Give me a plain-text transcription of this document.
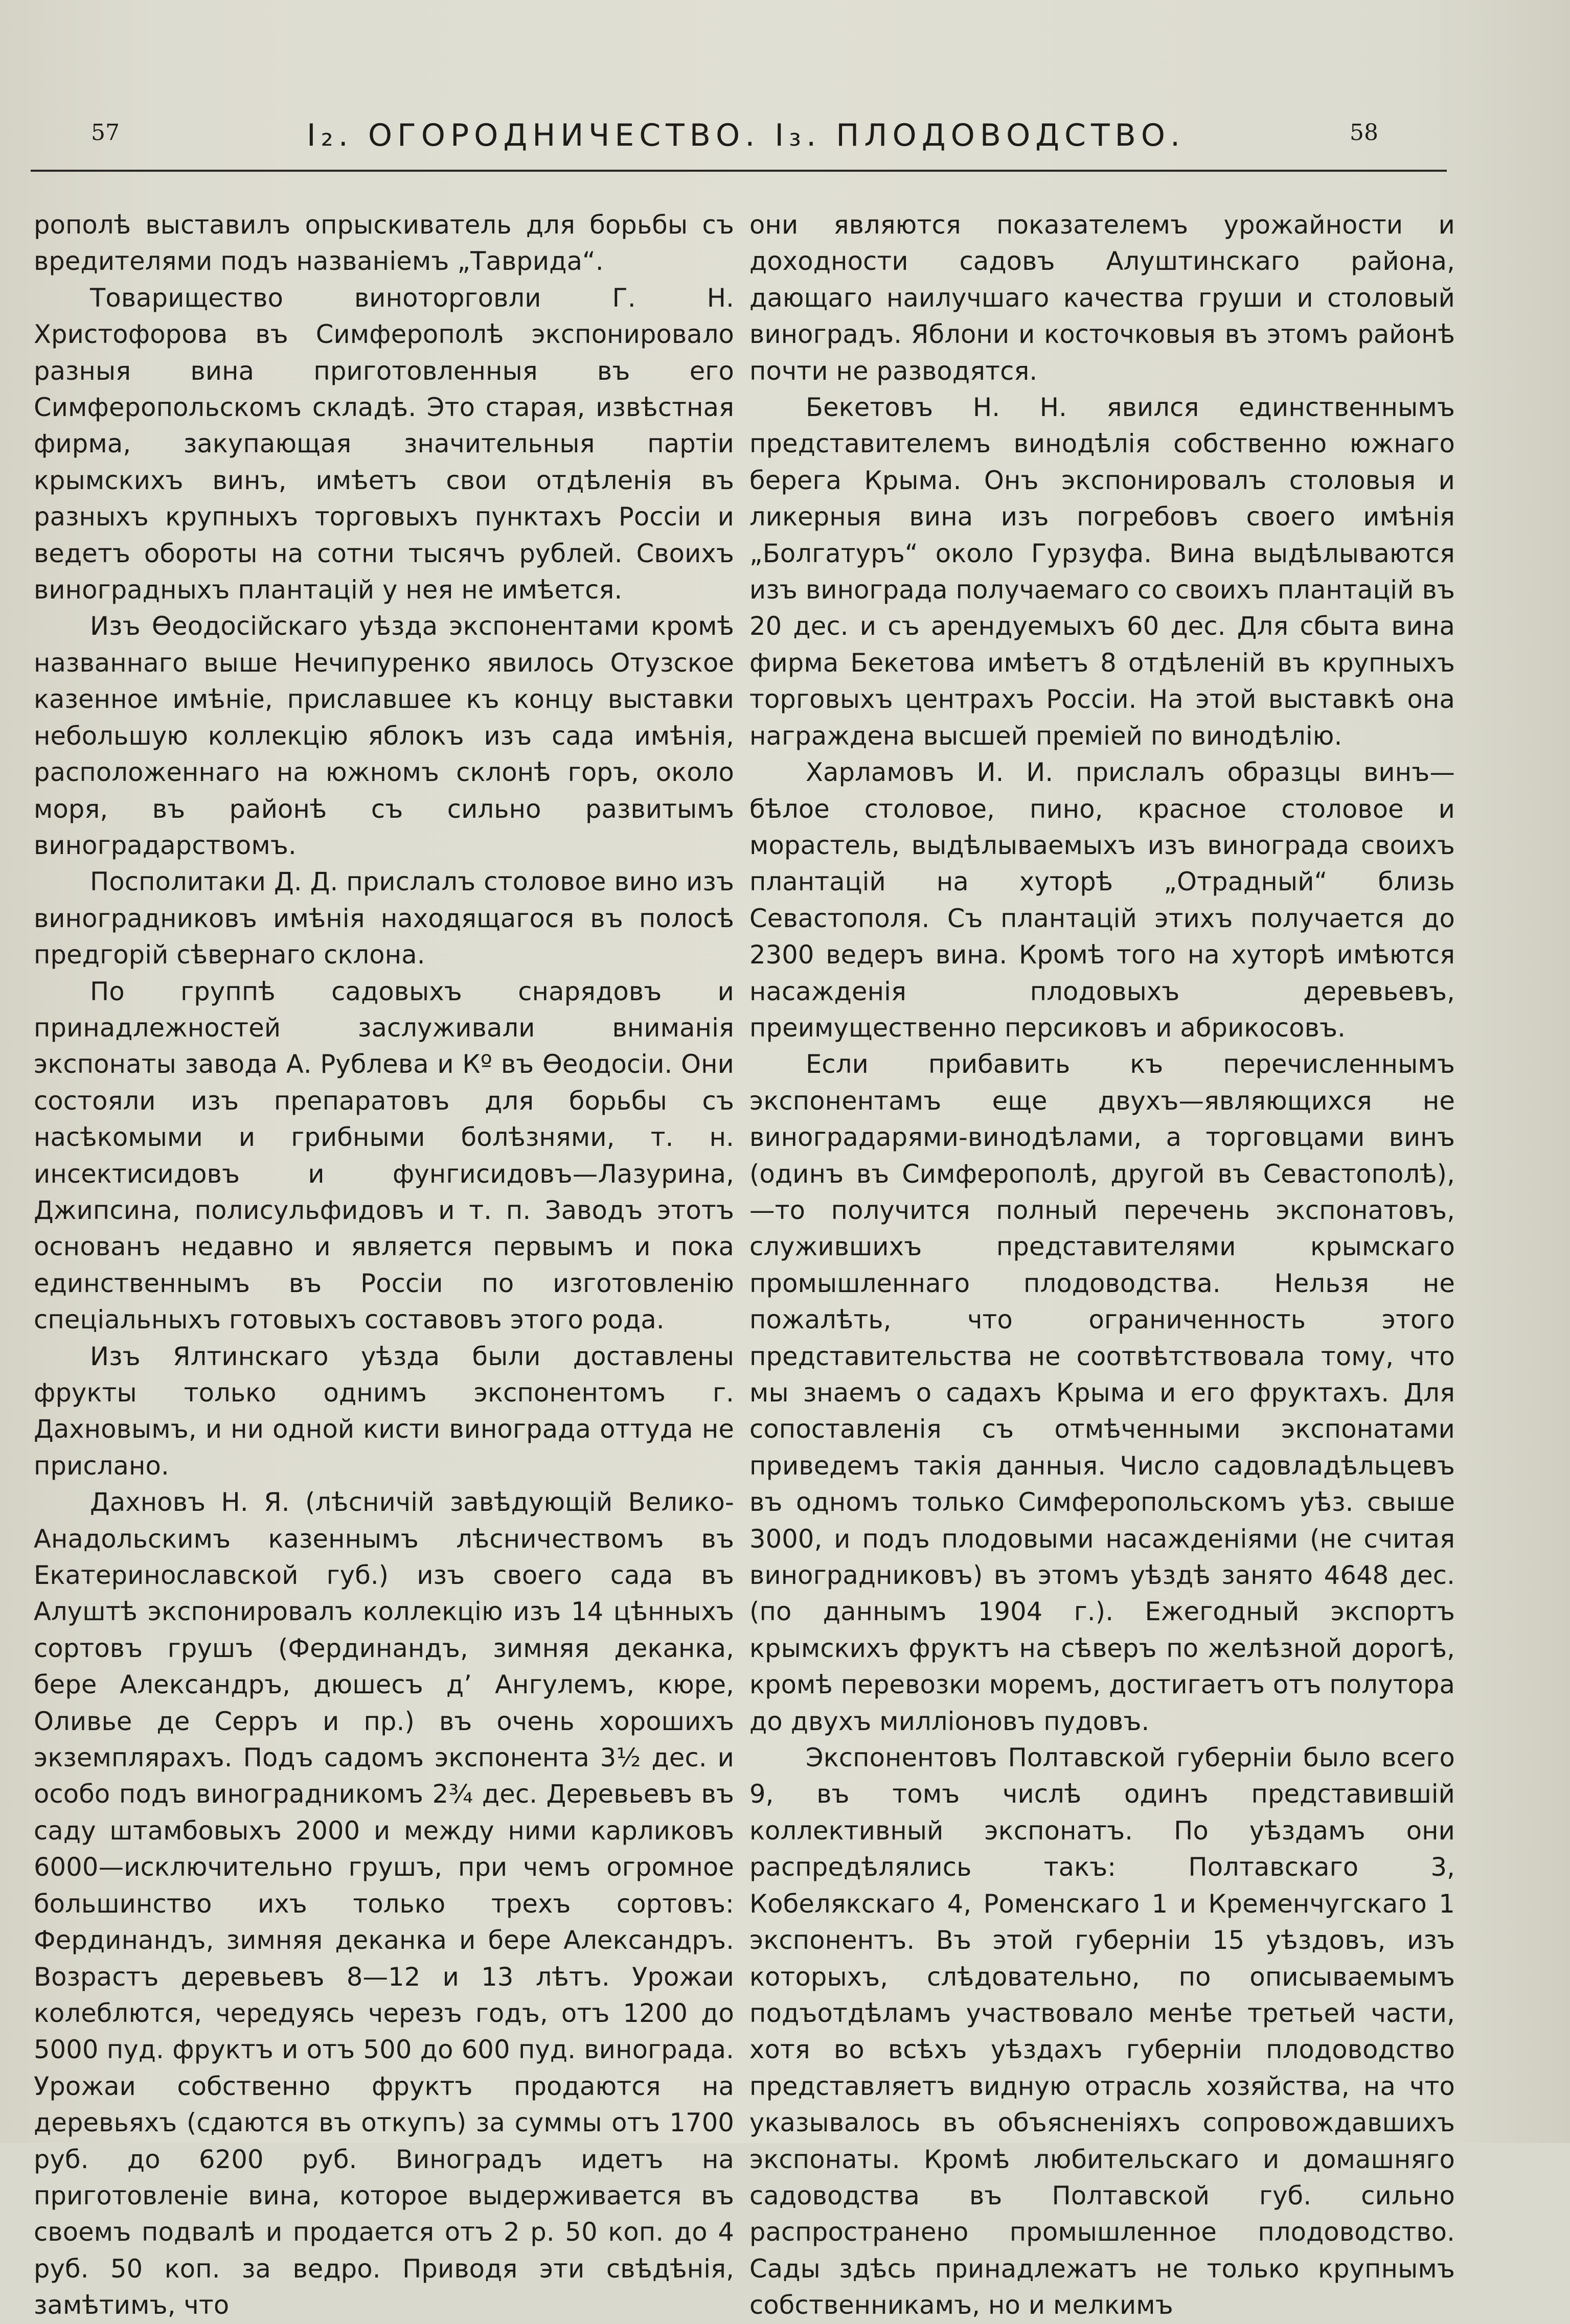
57	I₂. ОГОРОДНИЧЕСТВО. I₃. ПЛОДОВОДСТВО.	58

рополѣ выставилъ опрыскиватель для борьбы съ вредителями подъ названіемъ „Таврида“.

Товарищество виноторговли Г. Н. Христофорова въ Симферополѣ экспонировало разныя вина приготовленныя въ его Симферопольскомъ складѣ. Это старая, извѣстная фирма, закупающая значительныя партіи крымскихъ винъ, имѣетъ свои отдѣленія въ разныхъ крупныхъ торговыхъ пунктахъ Россіи и ведетъ обороты на сотни тысячъ рублей. Своихъ виноградныхъ плантацій у нея не имѣется.

Изъ Ѳеодосійскаго уѣзда экспонентами кромѣ названнаго выше Нечипуренко явилось Отузское казенное имѣніе, приславшее къ концу выставки небольшую коллекцію яблокъ изъ сада имѣнія, расположеннаго на южномъ склонѣ горъ, около моря, въ районѣ съ сильно развитымъ виноградарствомъ.

Посполитаки Д. Д. прислалъ столовое вино изъ виноградниковъ имѣнія находящагося въ полосѣ предгорій сѣвернаго склона.

По группѣ садовыхъ снарядовъ и принадлежностей заслуживали вниманія экспонаты завода А. Рублева и Кº въ Ѳеодосіи. Они состояли изъ препаратовъ для борьбы съ насѣкомыми и грибными болѣзнями, т. н. инсектисидовъ и фунгисидовъ—Лазурина, Джипсина, полисульфидовъ и т. п. Заводъ этотъ основанъ недавно и является первымъ и пока единственнымъ въ Россіи по изготовленію спеціальныхъ готовыхъ составовъ этого рода.

Изъ Ялтинскаго уѣзда были доставлены фрукты только однимъ экспонентомъ г. Дахновымъ, и ни одной кисти винограда оттуда не прислано.

Дахновъ Н. Я. (лѣсничій завѣдующій Велико-Анадольскимъ казеннымъ лѣсничествомъ въ Екатеринославской губ.) изъ своего сада въ Алуштѣ экспонировалъ коллекцію изъ 14 цѣнныхъ сортовъ грушъ (Фердинандъ, зимняя деканка, бере Александръ, дюшесъ д’ Ангулемъ, кюре, Оливье де Серръ и пр.) въ очень хорошихъ экземплярахъ. Подъ садомъ экспонента 3½ дес. и особо подъ виноградникомъ 2¾ дес. Деревьевъ въ саду штамбовыхъ 2000 и между ними карликовъ 6000—исключительно грушъ, при чемъ огромное большинство ихъ только трехъ сортовъ: Фердинандъ, зимняя деканка и бере Александръ. Возрастъ деревьевъ 8—12 и 13 лѣтъ. Урожаи колеблются, чередуясь черезъ годъ, отъ 1200 до 5000 пуд. фруктъ и отъ 500 до 600 пуд. винограда. Урожаи собственно фруктъ продаются на деревьяхъ (сдаются въ откупъ) за суммы отъ 1700 руб. до 6200 руб. Виноградъ идетъ на приготовленіе вина, которое выдерживается въ своемъ подвалѣ и продается отъ 2 р. 50 коп. до 4 руб. 50 коп. за ведро. Приводя эти свѣдѣнія, замѣтимъ, что

они являются показателемъ урожайности и доходности садовъ Алуштинскаго района, дающаго наилучшаго качества груши и столовый виноградъ. Яблони и косточковыя въ этомъ районѣ почти не разводятся.

Бекетовъ Н. Н. явился единственнымъ представителемъ винодѣлія собственно южнаго берега Крыма. Онъ экспонировалъ столовыя и ликерныя вина изъ погребовъ своего имѣнія „Болгатуръ“ около Гурзуфа. Вина выдѣлываются изъ винограда получаемаго со своихъ плантацій въ 20 дес. и съ арендуемыхъ 60 дес. Для сбыта вина фирма Бекетова имѣетъ 8 отдѣленій въ крупныхъ торговыхъ центрахъ Россіи. На этой выставкѣ она награждена высшей преміей по винодѣлію.

Харламовъ И. И. прислалъ образцы винъ—бѣлое столовое, пино, красное столовое и морастель, выдѣлываемыхъ изъ винограда своихъ плантацій на хуторѣ „Отрадный“ близь Севастополя. Съ плантацій этихъ получается до 2300 ведеръ вина. Кромѣ того на хуторѣ имѣются насажденія плодовыхъ деревьевъ, преимущественно персиковъ и абрикосовъ.

Если прибавить къ перечисленнымъ экспонентамъ еще двухъ—являющихся не виноградарями-винодѣлами, а торговцами винъ (одинъ въ Симферополѣ, другой въ Севастополѣ),—то получится полный перечень экспонатовъ, служившихъ представителями крымскаго промышленнаго плодоводства. Нельзя не пожалѣть, что ограниченность этого представительства не соотвѣтствовала тому, что мы знаемъ о садахъ Крыма и его фруктахъ. Для сопоставленія съ отмѣченными экспонатами приведемъ такія данныя. Число садовладѣльцевъ въ одномъ только Симферопольскомъ уѣз. свыше 3000, и подъ плодовыми насажденіями (не считая виноградниковъ) въ этомъ уѣздѣ занято 4648 дес. (по даннымъ 1904 г.). Ежегодный экспортъ крымскихъ фруктъ на сѣверъ по желѣзной дорогѣ, кромѣ перевозки моремъ, достигаетъ отъ полутора до двухъ милліоновъ пудовъ.

Экспонентовъ Полтавской губерніи было всего 9, въ томъ числѣ одинъ представившій коллективный экспонатъ. По уѣздамъ они распредѣлялись такъ: Полтавскаго 3, Кобелякскаго 4, Роменскаго 1 и Кременчугскаго 1 экспонентъ. Въ этой губерніи 15 уѣздовъ, изъ которыхъ, слѣдовательно, по описываемымъ подъотдѣламъ участвовало менѣе третьей части, хотя во всѣхъ уѣздахъ губерніи плодоводство представляетъ видную отрасль хозяйства, на что указывалось въ объясненіяхъ сопровождавшихъ экспонаты. Кромѣ любительскаго и домашняго садоводства въ Полтавской губ. сильно распространено промышленное плодоводство. Сады здѣсь принадлежатъ не только крупнымъ собственникамъ, но и мелкимъ
